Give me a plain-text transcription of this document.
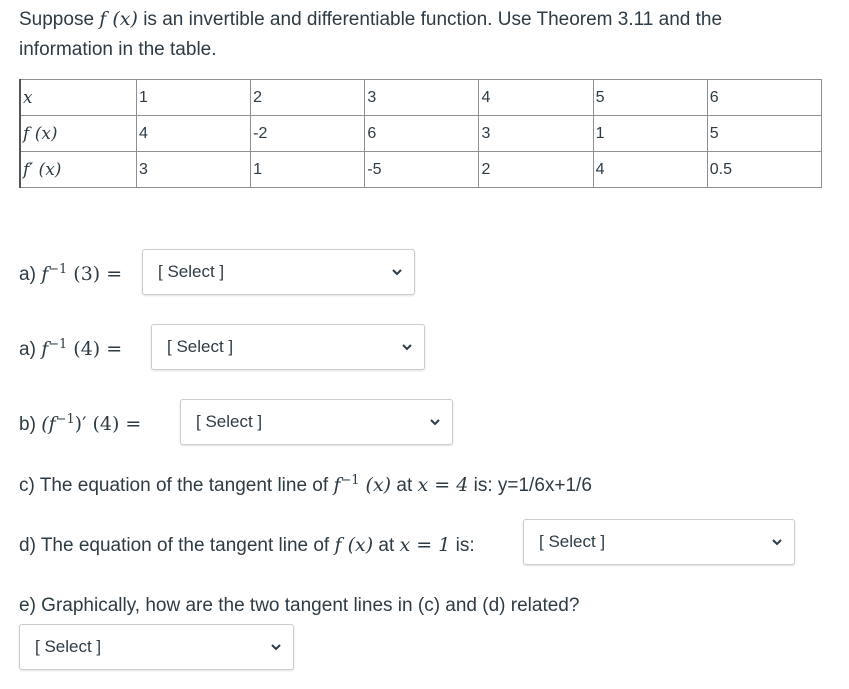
Suppose f (x) is an invertible and differentiable function. Use Theorem 3.11 and the information in the table.
x	1	2	3	4	5	6
f (x)	4	-2	6	3	1	5
f′ (x)	3	1	-5	2	4	0.5
a) $f^{-1}$ (3) = [ Select ]
a) $f^{-1}$ (4) =	[ Select ]
b) $(f^{-1})'$ (4) =	[ Select ]
c) The equation of the tangent line of $f^{-1}$ (x) at x = 4 is: y=1/6x+1/6
d) The equation of the tangent line of f (x) at x = 1 is:	[ Select ]
e) Graphically, how are the two tangent lines in (c) and (d) related?
[ Select ]
